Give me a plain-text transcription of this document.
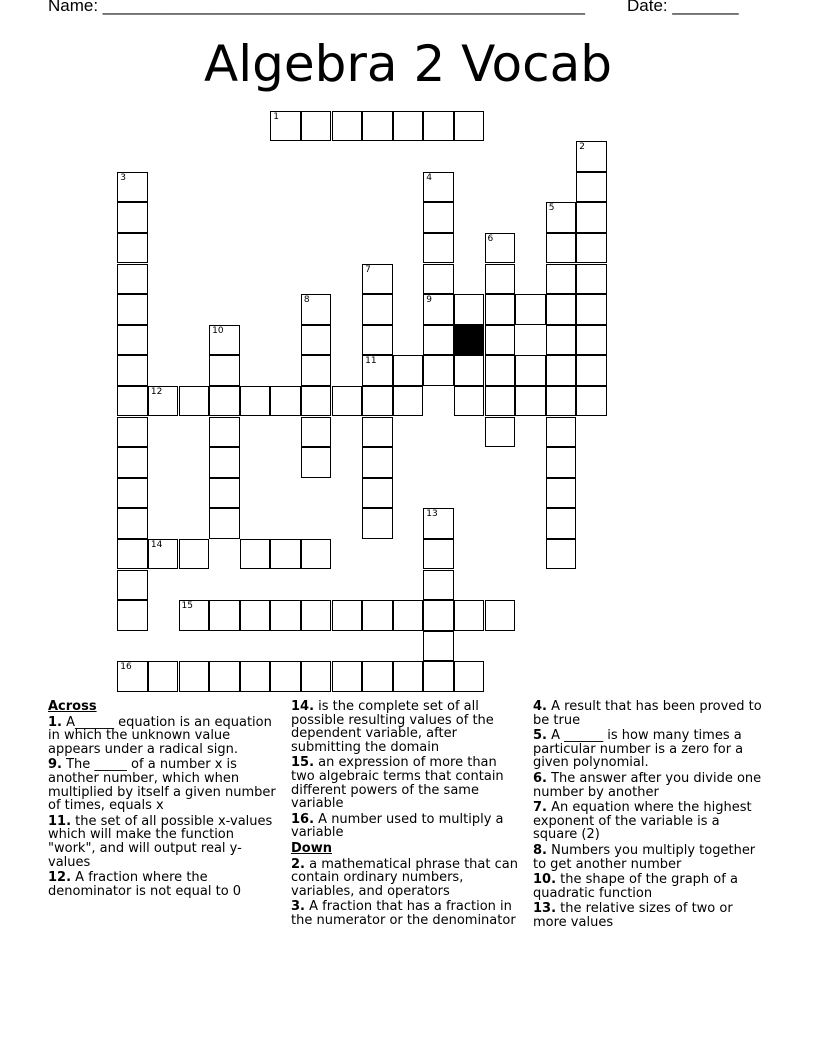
Name: ___________________________________________________ Date: _______
Algebra 2 Vocab
1
2
3	4
9
5
6
7
11
8
10
12
13
14
15
16
Across
1. A______ equation is an equation in which the unknown value appears under a radical sign.
9. The _____ of a number x is another number, which when multiplied by itself a given number of times, equals x
11. the set of all possible x-values which will make the function "work", and will output real y-values
12. A fraction where the denominator is not equal to 0
14. is the complete set of all possible resulting values of the dependent variable, after submitting the domain
15. an expression of more than two algebraic terms that contain different powers of the same variable
16. A number used to multiply a variable
Down
2. a mathematical phrase that can contain ordinary numbers, variables, and operators
3. A fraction that has a fraction in the numerator or the denominator
4. A result that has been proved to be true
5. A ______ is how many times a particular number is a zero for a given polynomial.
6. The answer after you divide one number by another
7. An equation where the highest exponent of the variable is a square (2)
8. Numbers you multiply together to get another number
10. the shape of the graph of a quadratic function
13. the relative sizes of two or more values
